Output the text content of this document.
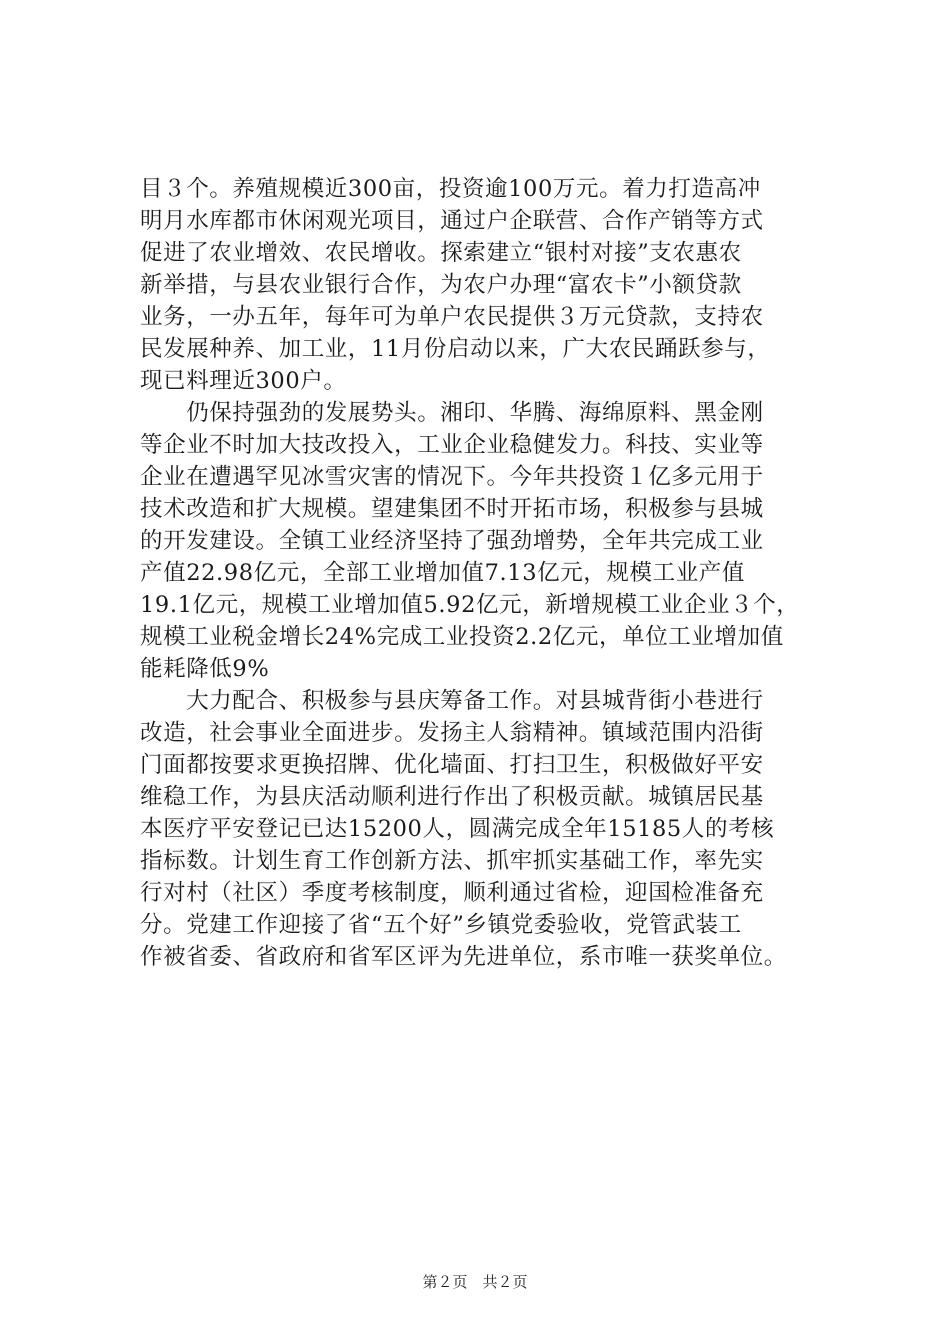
目３个。养殖规模近300亩，投资逾100万元。着力打造高冲
明月水库都市休闲观光项目，通过户企联营、合作产销等方式
促进了农业增效、农民增收。探索建立“银村对接”支农惠农
新举措，与县农业银行合作，为农户办理“富农卡”小额贷款
业务，一办五年，每年可为单户农民提供３万元贷款，支持农
民发展种养、加工业，11月份启动以来，广大农民踊跃参与，
现已料理近300户。
　　仍保持强劲的发展势头。湘印、华腾、海绵原料、黑金刚
等企业不时加大技改投入，工业企业稳健发力。科技、实业等
企业在遭遇罕见冰雪灾害的情况下。今年共投资１亿多元用于
技术改造和扩大规模。望建集团不时开拓市场，积极参与县城
的开发建设。全镇工业经济坚持了强劲增势，全年共完成工业
产值22.98亿元，全部工业增加值7.13亿元，规模工业产值
19.1亿元，规模工业增加值5.92亿元，新增规模工业企业３个，
规模工业税金增长24%完成工业投资2.2亿元，单位工业增加值
能耗降低9%
　　大力配合、积极参与县庆筹备工作。对县城背街小巷进行
改造，社会事业全面进步。发扬主人翁精神。镇域范围内沿街
门面都按要求更换招牌、优化墙面、打扫卫生，积极做好平安
维稳工作，为县庆活动顺利进行作出了积极贡献。城镇居民基
本医疗平安登记已达15200人，圆满完成全年15185人的考核
指标数。计划生育工作创新方法、抓牢抓实基础工作，率先实
行对村（社区）季度考核制度，顺利通过省检，迎国检准备充
分。党建工作迎接了省“五个好”乡镇党委验收，党管武装工
作被省委、省政府和省军区评为先进单位，系市唯一获奖单位。
第２页　共２页
